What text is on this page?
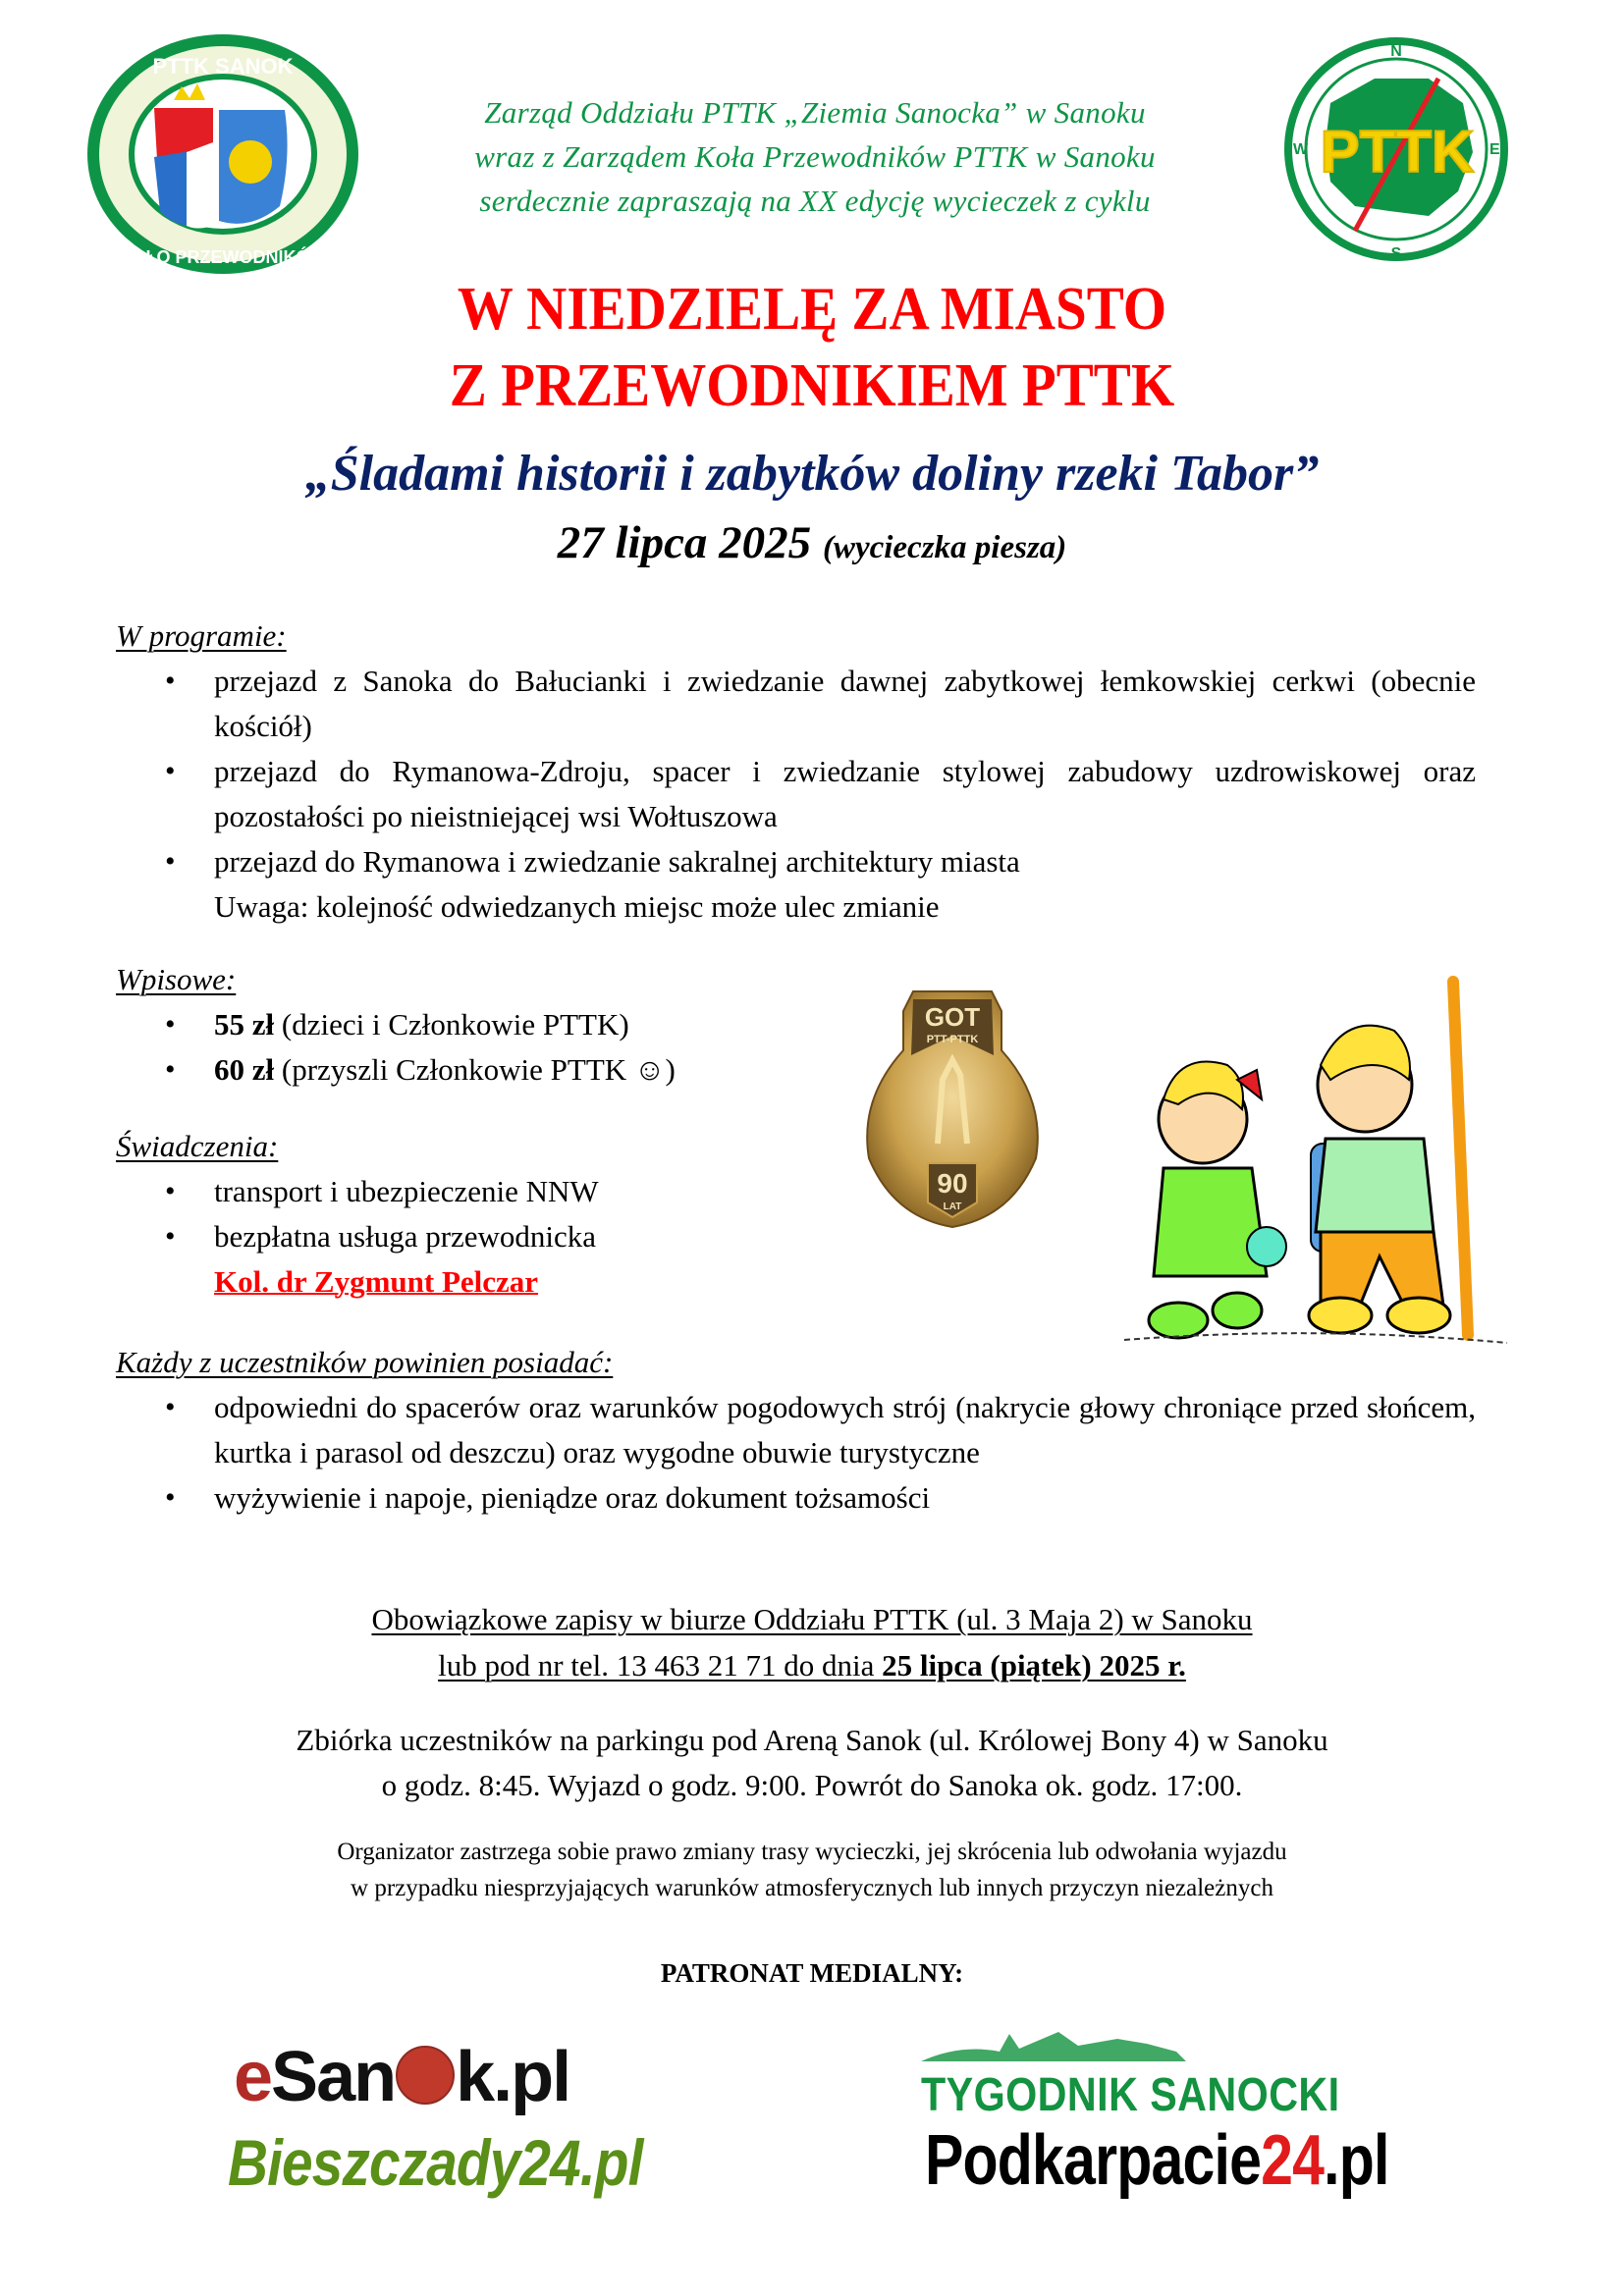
PTTK SANOK
KOŁO PRZEWODNIKÓW
Zarząd Oddziału PTTK „Ziemia Sanocka” w Sanoku
wraz z Zarządem Koła Przewodników PTTK w Sanoku
serdecznie zapraszają na XX edycję wycieczek z cyklu
N
S
W	E
PTTK
W NIEDZIELĘ ZA MIASTO
Z PRZEWODNIKIEM PTTK
„Śladami historii i zabytków doliny rzeki Tabor”
27 lipca 2025 (wycieczka piesza)
W programie:
• przejazd z Sanoka do Bałucianki i zwiedzanie dawnej zabytkowej łemkowskiej cerkwi (obecnie kościół)
• przejazd do Rymanowa-Zdroju, spacer i zwiedzanie stylowej zabudowy uzdrowiskowej oraz pozostałości po nieistniejącej wsi Wołtuszowa
• przejazd do Rymanowa i zwiedzanie sakralnej architektury miasta
Uwaga: kolejność odwiedzanych miejsc może ulec zmianie
Wpisowe:
• 55 zł (dzieci i Członkowie PTTK)
• 60 zł (przyszli Członkowie PTTK ☺)
Świadczenia:
• transport i ubezpieczenie NNW
• bezpłatna usługa przewodnicka
Kol. dr Zygmunt Pelczar
GOT
PTT-PTTK
90
LAT
Każdy z uczestników powinien posiadać:
• odpowiedni do spacerów oraz warunków pogodowych strój (nakrycie głowy chroniące przed słońcem, kurtka i parasol od deszczu) oraz wygodne obuwie turystyczne
• wyżywienie i napoje, pieniądze oraz dokument tożsamości
Obowiązkowe zapisy w biurze Oddziału PTTK (ul. 3 Maja 2) w Sanoku
lub pod nr tel. 13 463 21 71 do dnia 25 lipca (piątek) 2025 r.
Zbiórka uczestników na parkingu pod Areną Sanok (ul. Królowej Bony 4) w Sanoku
o godz. 8:45. Wyjazd o godz. 9:00. Powrót do Sanoka ok. godz. 17:00.
Organizator zastrzega sobie prawo zmiany trasy wycieczki, jej skrócenia lub odwołania wyjazdu
w przypadku niesprzyjających warunków atmosferycznych lub innych przyczyn niezależnych
PATRONAT MEDIALNY:
eSan k.pl	TYGODNIK SANOCKI
Bieszczady24.pl	Podkarpacie24.pl
